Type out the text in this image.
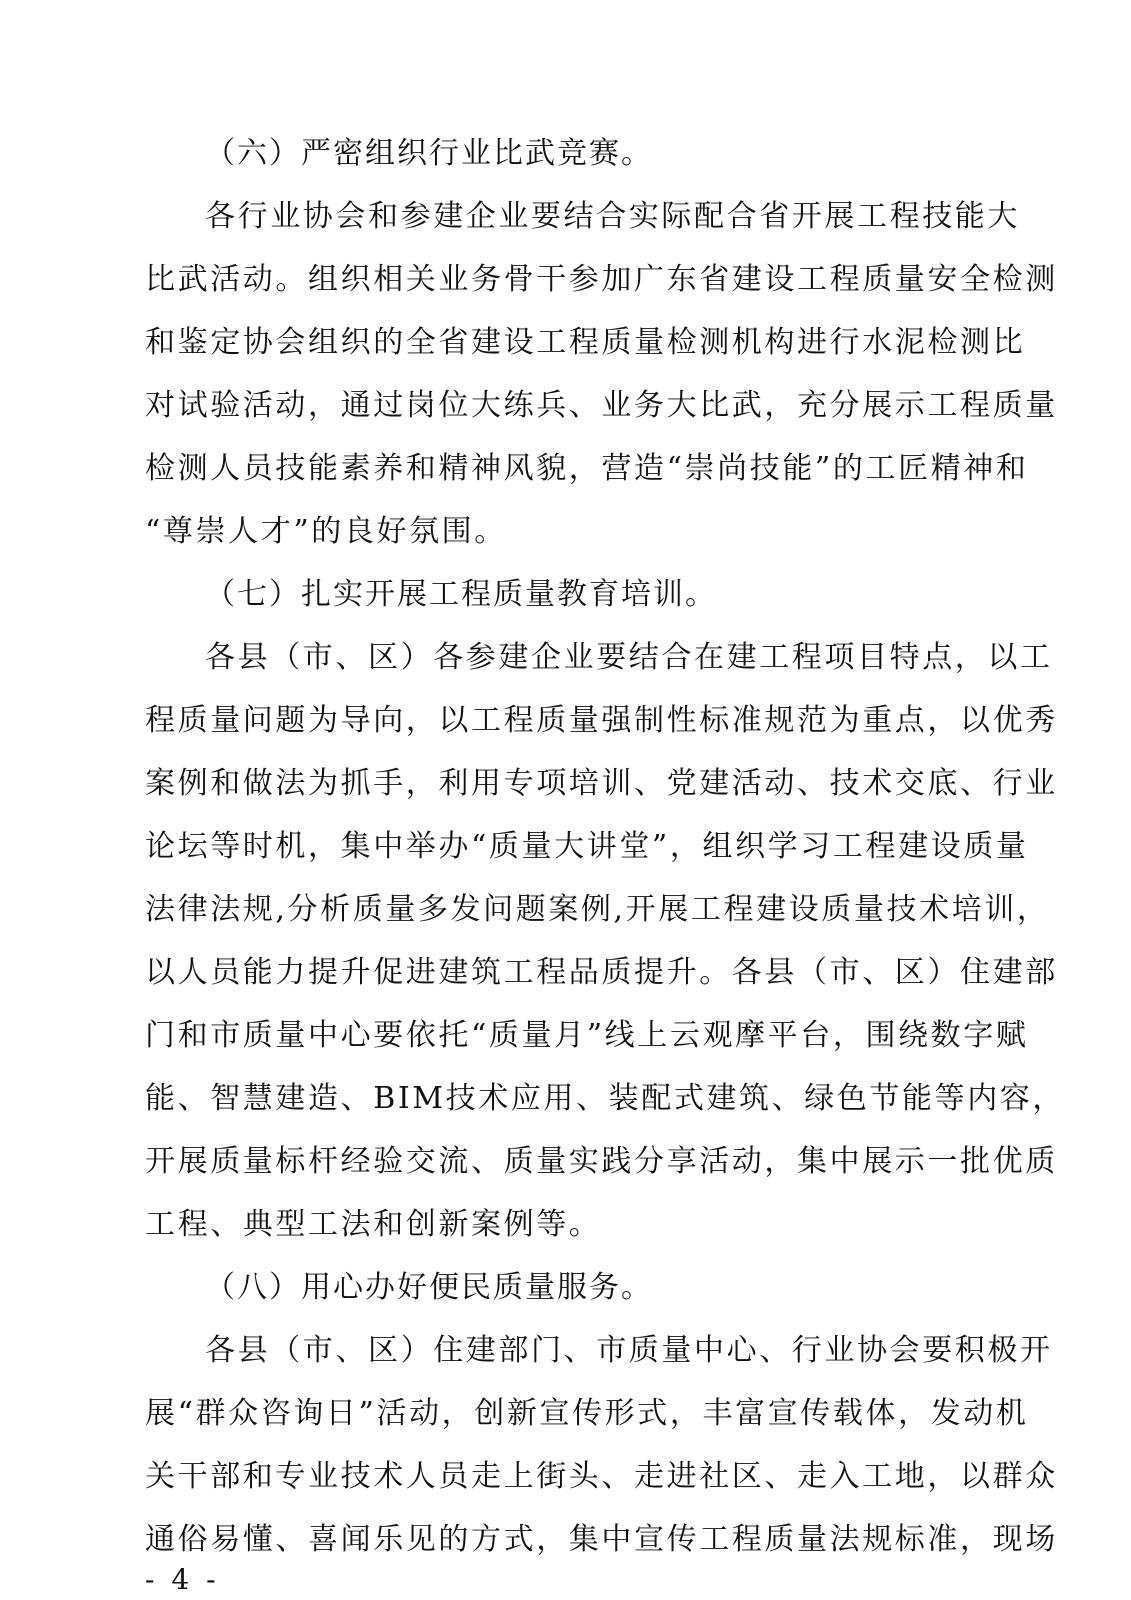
（六）严密组织行业比武竞赛。
各行业协会和参建企业要结合实际配合省开展工程技能大
比武活动。组织相关业务骨干参加广东省建设工程质量安全检测
和鉴定协会组织的全省建设工程质量检测机构进行水泥检测比
对试验活动，通过岗位大练兵、业务大比武，充分展示工程质量
检测人员技能素养和精神风貌，营造“崇尚技能”的工匠精神和
“尊崇人才”的良好氛围。
（七）扎实开展工程质量教育培训。
各县（市、区）各参建企业要结合在建工程项目特点，以工
程质量问题为导向，以工程质量强制性标准规范为重点，以优秀
案例和做法为抓手，利用专项培训、党建活动、技术交底、行业
论坛等时机，集中举办“质量大讲堂”，组织学习工程建设质量
法律法规,分析质量多发问题案例,开展工程建设质量技术培训，
以人员能力提升促进建筑工程品质提升。各县（市、区）住建部
门和市质量中心要依托“质量月”线上云观摩平台，围绕数字赋
能、智慧建造、BIM技术应用、装配式建筑、绿色节能等内容，
开展质量标杆经验交流、质量实践分享活动，集中展示一批优质
工程、典型工法和创新案例等。
（八）用心办好便民质量服务。
各县（市、区）住建部门、市质量中心、行业协会要积极开
展“群众咨询日”活动，创新宣传形式，丰富宣传载体，发动机
关干部和专业技术人员走上街头、走进社区、走入工地，以群众
通俗易懂、喜闻乐见的方式，集中宣传工程质量法规标准，现场
- 4 -
